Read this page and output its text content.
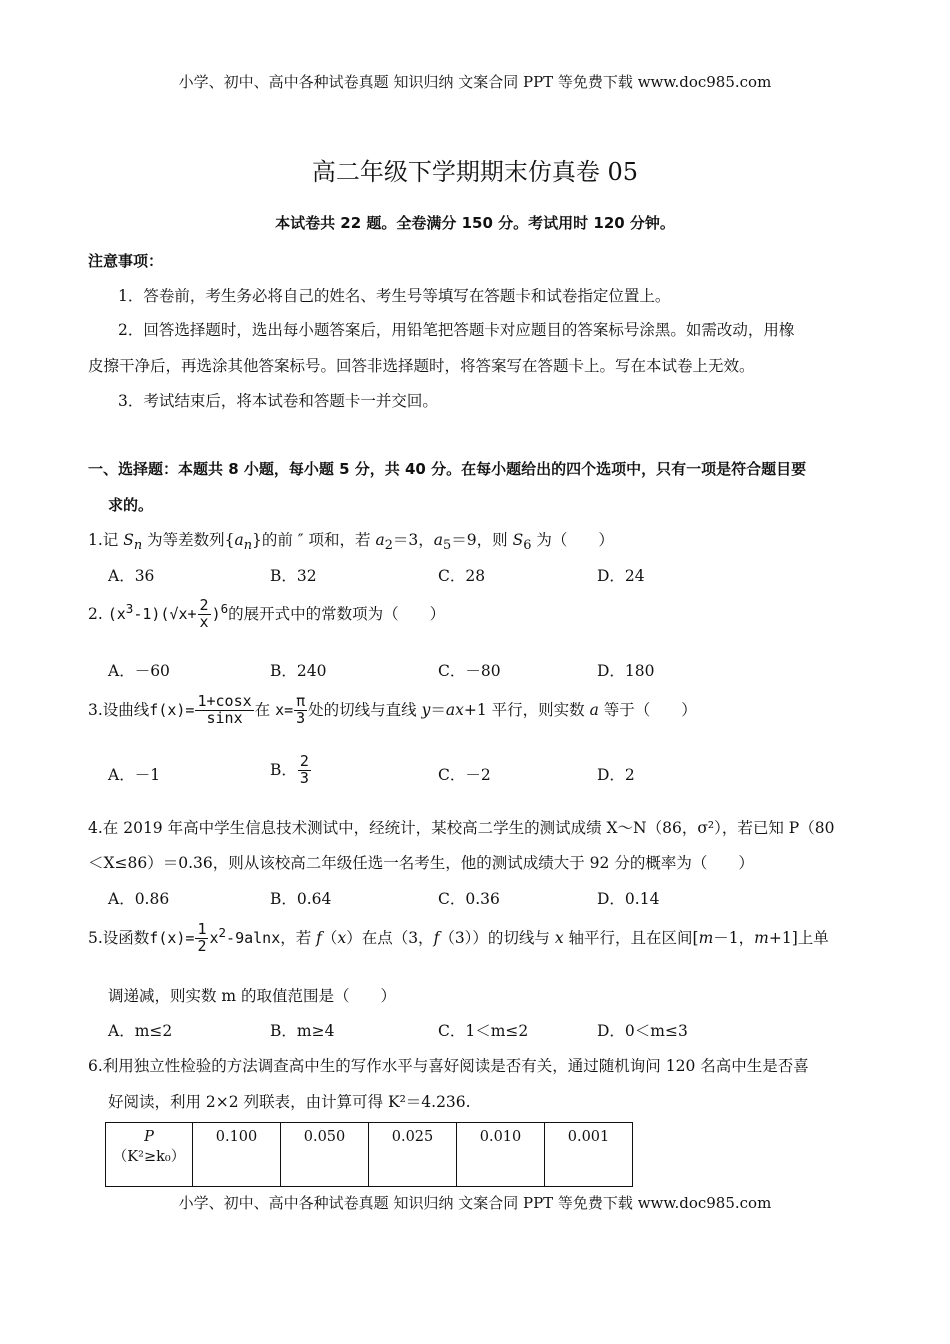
小学、初中、高中各种试卷真题 知识归纳 文案合同 PPT 等免费下载 www.doc985.com
高二年级下学期期末仿真卷 05
本试卷共 22 题。全卷满分 150 分。考试用时 120 分钟。
注意事项：
1．答卷前，考生务必将自己的姓名、考生号等填写在答题卡和试卷指定位置上。
2．回答选择题时，选出每小题答案后，用铅笔把答题卡对应题目的答案标号涂黑。如需改动，用橡
皮擦干净后，再选涂其他答案标号。回答非选择题时，将答案写在答题卡上。写在本试卷上无效。
3．考试结束后，将本试卷和答题卡一并交回。
一、选择题：本题共 8 小题，每小题 5 分，共 40 分。在每小题给出的四个选项中，只有一项是符合题目要
求的。
1.记 $S_n$ 为等差数列$\{a_n\}$的前 ″ 项和，若 $a_2=3$，$a_5=9$，则 $S_6$ 为（　　）
A．36	B．32	C．28	D．24
2. $(x^3-1)(√x+ \frac{2}{x} )^6$的展开式中的常数项为（　　）
A．－60	B．240	C．－80	D．180
3.设曲线$f(x)= \frac{1+\cos x}{\sin x}$ 在 $x= \frac{\pi}{3}$ 处的切线与直线 y＝ax+1 平行，则实数 a 等于（　　）
A．－1	B． $\frac{2}{3}$	C．－2	D．2
4.在 2019 年高中学生信息技术测试中，经统计，某校高二学生的测试成绩 X～N（86，σ²），若已知 P（80
＜X≤86）＝0.36，则从该校高二年级任选一名考生，他的测试成绩大于 92 分的概率为（　　）
A．0.86	B．0.64	C．0.36	D．0.14
5.设函数$f(x)= \frac{1}{2} x^2-9alnx$，若 f（x）在点（3，f（3））的切线与 x 轴平行，且在区间[m－1，m+1]上单
调递减，则实数 m 的取值范围是（　　）
A．m≤2	B．m≥4	C．1＜m≤2	D．0＜m≤3
6.利用独立性检验的方法调查高中生的写作水平与喜好阅读是否有关，通过随机询问 120 名高中生是否喜
好阅读，利用 2×2 列联表，由计算可得 K²＝4.236.
P
（K²≥k₀）
	0.100	0.050	0.025	0.010	0.001
小学、初中、高中各种试卷真题 知识归纳 文案合同 PPT 等免费下载 www.doc985.com
